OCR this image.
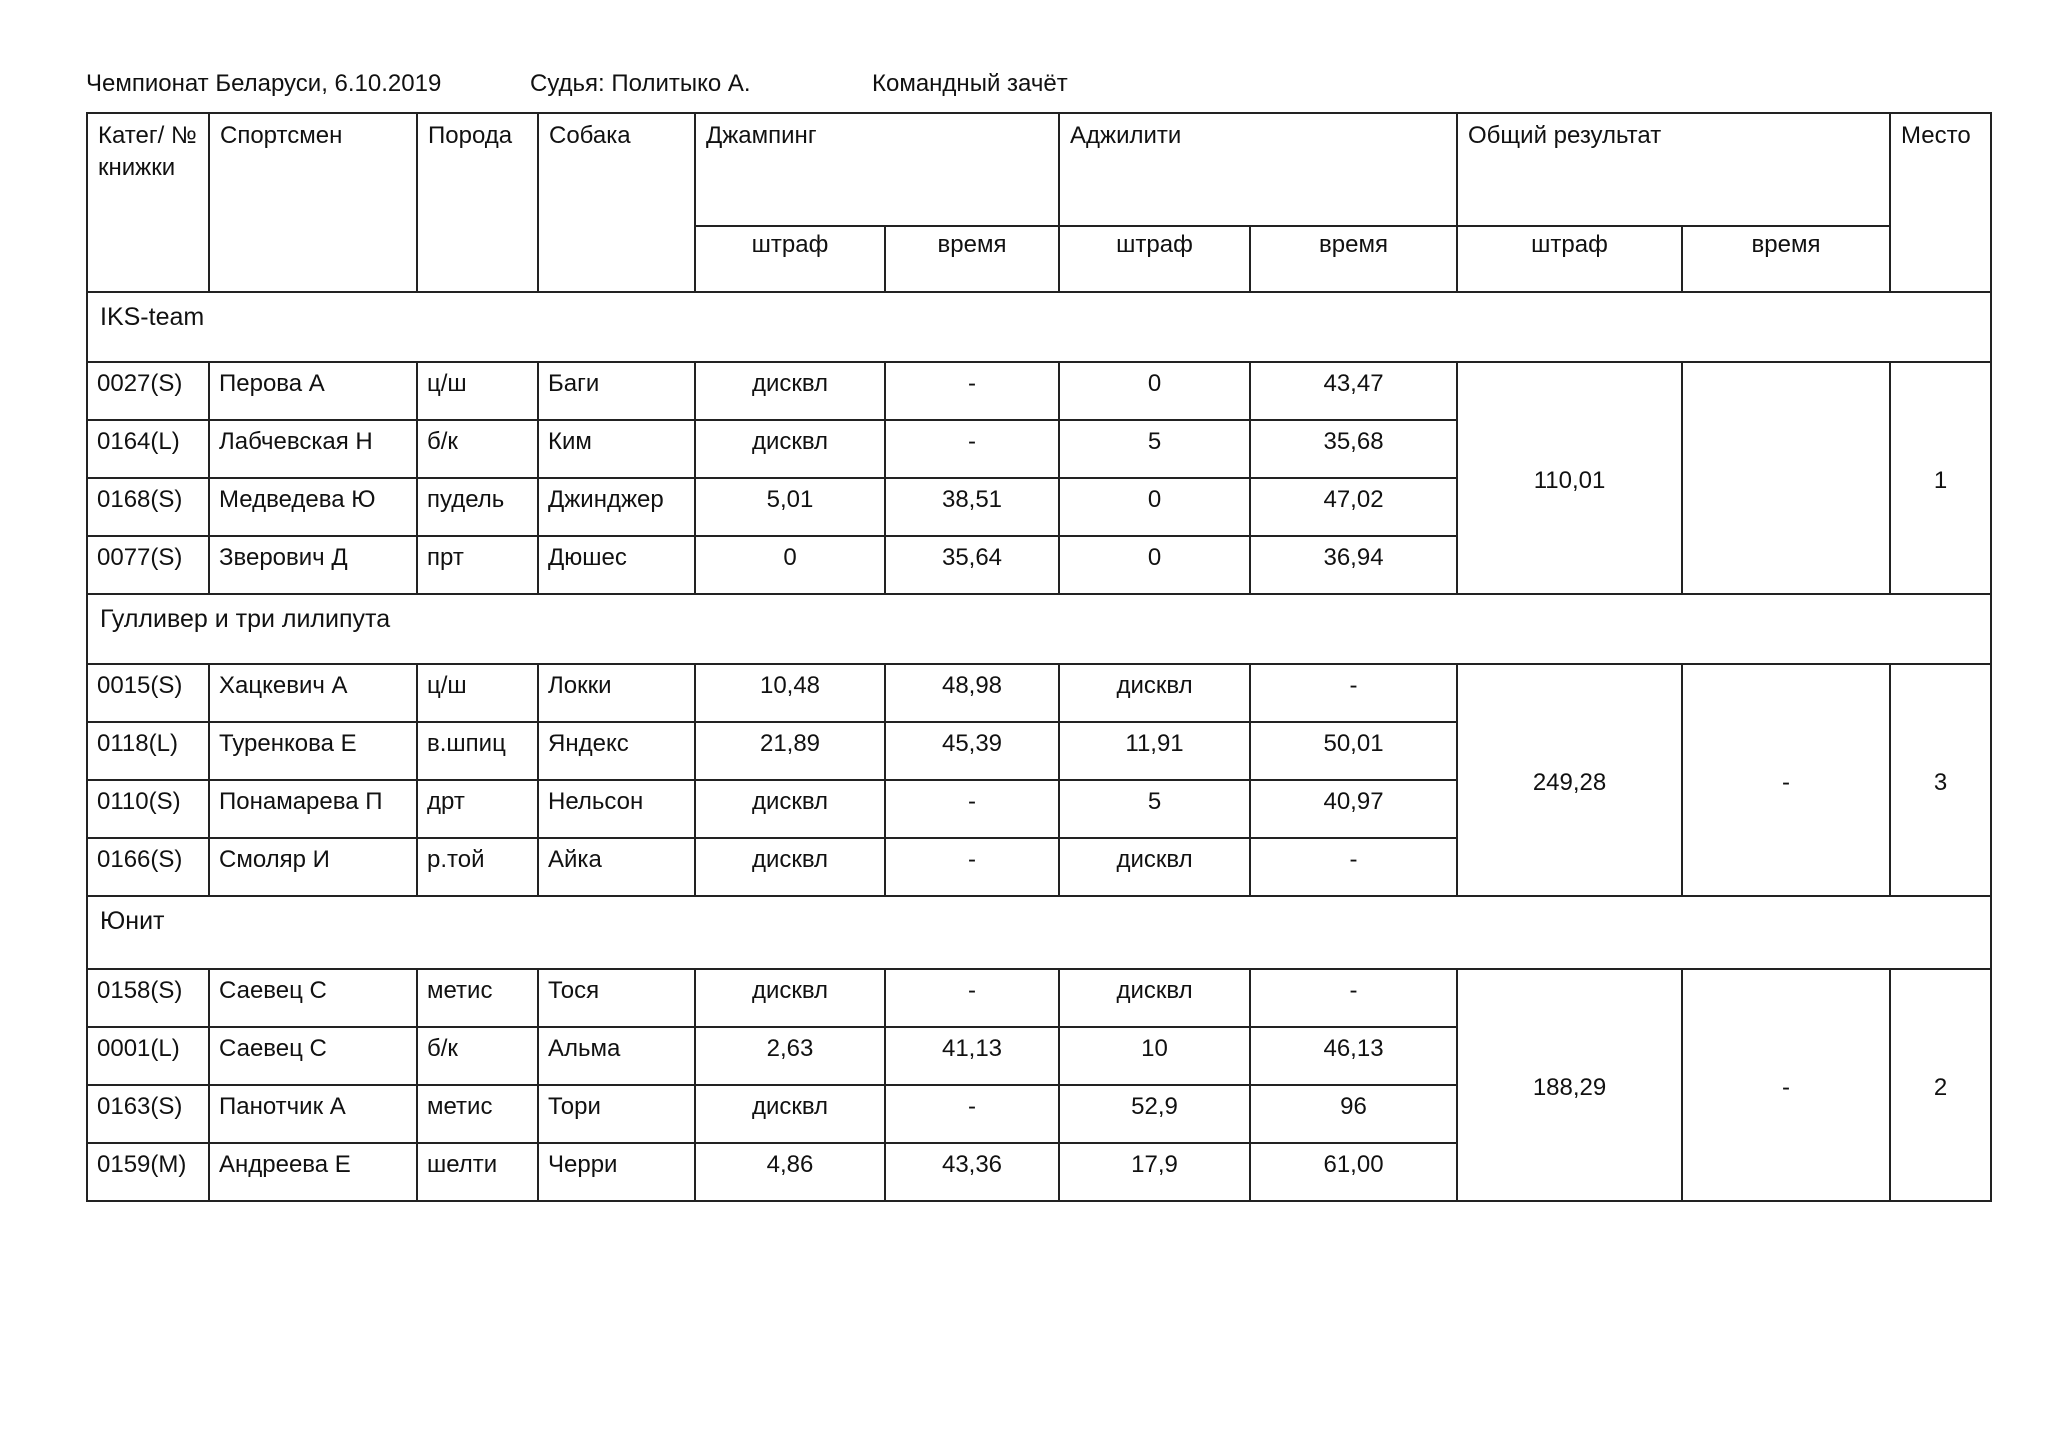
Чемпионат Беларуси, 6.10.2019	Судья: Политыко А.	Командный зачёт
Катег/ № книжки	Спортсмен	Порода	Собака	Джампинг		Аджилити		Общий результат		Место
				штраф	время	штраф	время	штраф	время	
IKS-team										
0027(S)	Перова А	ц/ш	Баги	дисквл	-	0	43,47	110,01		1
0164(L)	Лабчевская Н	б/к	Ким	дисквл	-	5	35,68			
0168(S)	Медведева Ю	пудель	Джинджер	5,01	38,51	0	47,02			
0077(S)	Зверович Д	прт	Дюшес	0	35,64	0	36,94			
Гулливер и три лилипута										
0015(S)	Хацкевич А	ц/ш	Локки	10,48	48,98	дисквл	-	249,28	-	3
0118(L)	Туренкова Е	в.шпиц	Яндекс	21,89	45,39	11,91	50,01			
0110(S)	Понамарева П	дрт	Нельсон	дисквл	-	5	40,97			
0166(S)	Смоляр И	р.той	Айка	дисквл	-	дисквл	-			
Юнит										
0158(S)	Саевец С	метис	Тося	дисквл	-	дисквл	-	188,29	-	2
0001(L)	Саевец С	б/к	Альма	2,63	41,13	10	46,13			
0163(S)	Панотчик А	метис	Тори	дисквл	-	52,9	96			
0159(M)	Андреева Е	шелти	Черри	4,86	43,36	17,9	61,00			
